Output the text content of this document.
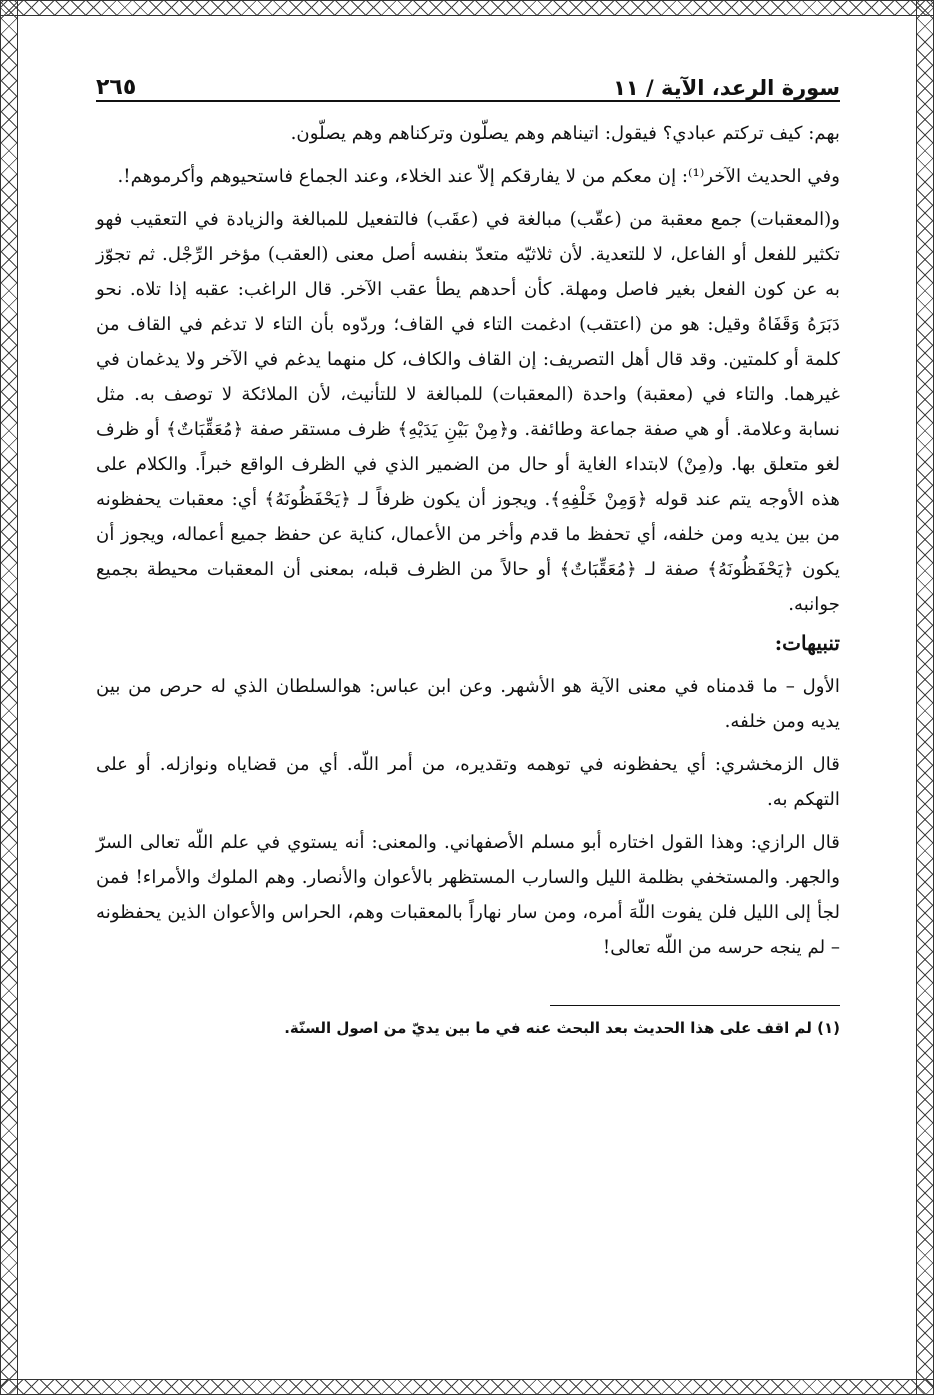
سورة الرعد، الآية / ١١
٢٦٥

بهم: كيف تركتم عبادي؟ فيقول: اتيناهم وهم يصلّون وتركناهم وهم يصلّون.

وفي الحديث الآخر⁽¹⁾: إن معكم من لا يفارقكم إلاّ عند الخلاء، وعند الجماع فاستحيوهم وأكرموهم!.

و(المعقبات) جمع معقبة من (عقّب) مبالغة في (عقَب) فالتفعيل للمبالغة والزيادة في التعقيب فهو تكثير للفعل أو الفاعل، لا للتعدية. لأن ثلاثيّه متعدّ بنفسه أصل معنى (العقب) مؤخر الرِّجْل. ثم تجوّز به عن كون الفعل بغير فاصل ومهلة. كأن أحدهم يطأ عقب الآخر. قال الراغب: عقبه إذا تلاه. نحو دَبَرَهُ وَقَفَاهُ وقيل: هو من (اعتقب) ادغمت التاء في القاف؛ وردّوه بأن التاء لا تدغم في القاف من كلمة أو كلمتين. وقد قال أهل التصريف: إن القاف والكاف، كل منهما يدغم في الآخر ولا يدغمان في غيرهما. والتاء في (معقبة) واحدة (المعقبات) للمبالغة لا للتأنيث، لأن الملائكة لا توصف به. مثل نسابة وعلامة. أو هي صفة جماعة وطائفة. و﴿مِنْ بَيْنِ يَدَيْهِ﴾ ظرف مستقر صفة ﴿مُعَقِّبَاتٌ﴾ أو ظرف لغو متعلق بها. و(مِنْ) لابتداء الغاية أو حال من الضمير الذي في الظرف الواقع خبراً. والكلام على هذه الأوجه يتم عند قوله ﴿وَمِنْ خَلْفِهِ﴾. ويجوز أن يكون ظرفاً لـ ﴿يَحْفَظُونَهُ﴾ أي: معقبات يحفظونه من بين يديه ومن خلفه، أي تحفظ ما قدم وأخر من الأعمال، كناية عن حفظ جميع أعماله، ويجوز أن يكون ﴿يَحْفَظُونَهُ﴾ صفة لـ ﴿مُعَقِّبَاتٌ﴾ أو حالاً من الظرف قبله، بمعنى أن المعقبات محيطة بجميع جوانبه.

تنبيهات:

الأول – ما قدمناه في معنى الآية هو الأشهر. وعن ابن عباس: هوالسلطان الذي له حرص من بين يديه ومن خلفه.

قال الزمخشري: أي يحفظونه في توهمه وتقديره، من أمر اللّه. أي من قضاياه ونوازله. أو على التهكم به.

قال الرازي: وهذا القول اختاره أبو مسلم الأصفهاني. والمعنى: أنه يستوي في علم اللّه تعالى السرّ والجهر. والمستخفي بظلمة الليل والسارب المستظهر بالأعوان والأنصار. وهم الملوك والأمراء! فمن لجأ إلى الليل فلن يفوت اللّهَ أمره، ومن سار نهاراً بالمعقبات وهم، الحراس والأعوان الذين يحفظونه – لم ينجه حرسه من اللّه تعالى!

(١) لم اقف على هذا الحديث بعد البحث عنه في ما بين يديّ من اصول السنّة.
